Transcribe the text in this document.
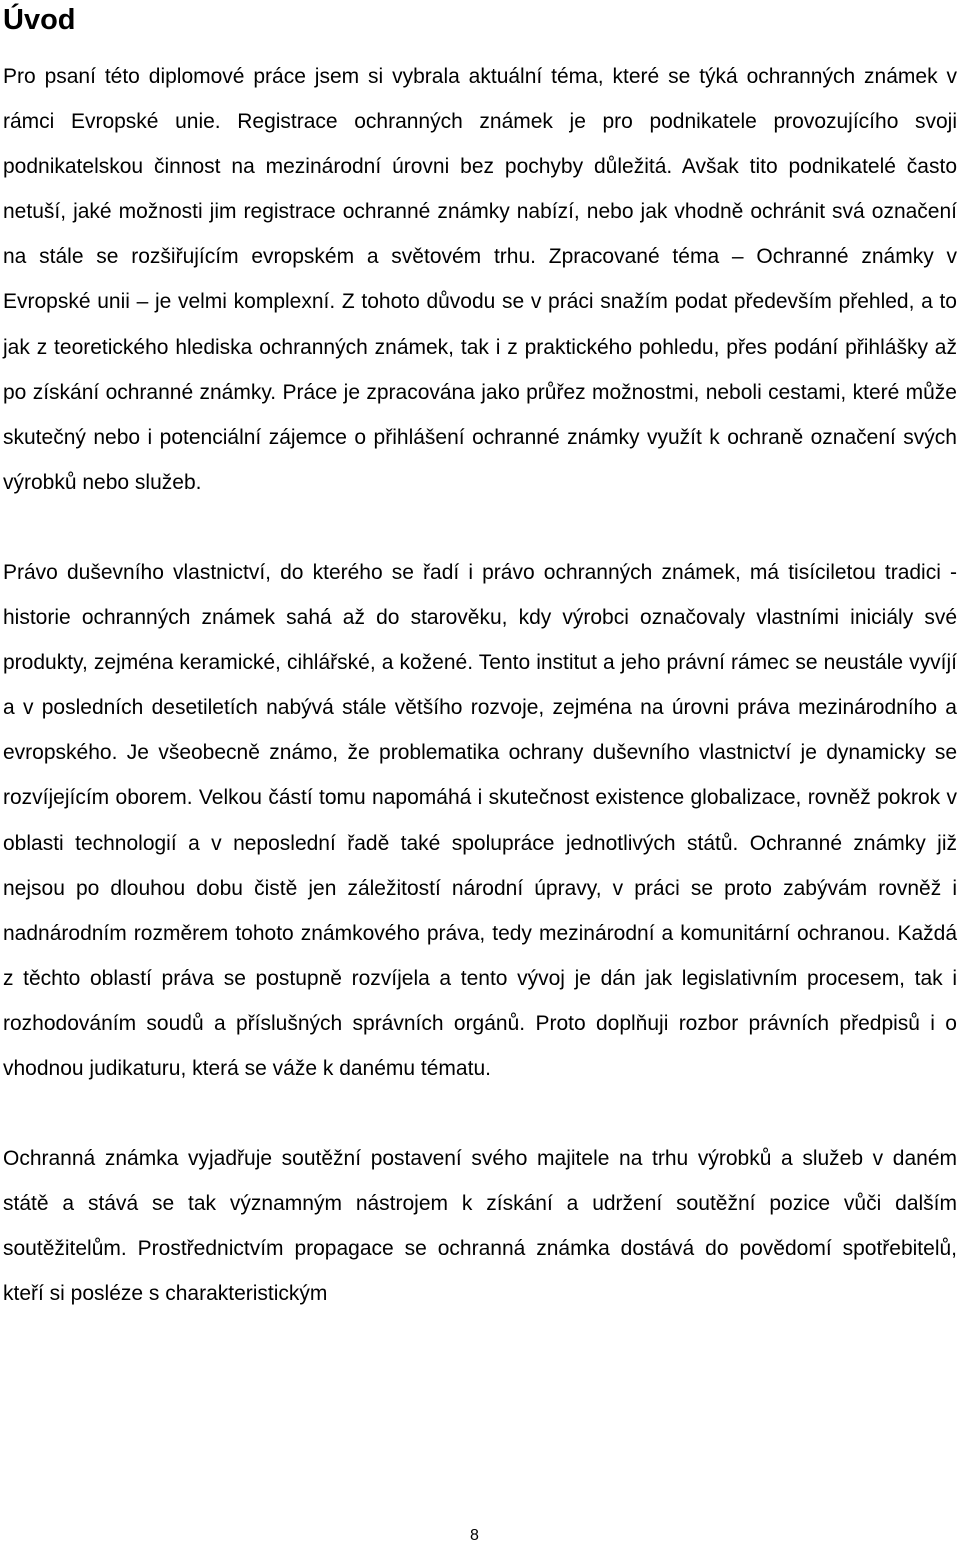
Úvod

Pro psaní této diplomové práce jsem si vybrala aktuální téma, které se týká ochranných známek v rámci Evropské unie. Registrace ochranných známek je pro podnikatele provozujícího svoji podnikatelskou činnost na mezinárodní úrovni bez pochyby důležitá. Avšak tito podnikatelé často netuší, jaké možnosti jim registrace ochranné známky nabízí, nebo jak vhodně ochránit svá označení na stále se rozšiřujícím evropském a světovém trhu. Zpracované téma – Ochranné známky v Evropské unii – je velmi komplexní. Z tohoto důvodu se v práci snažím podat především přehled, a to jak z teoretického hlediska ochranných známek, tak i z praktického pohledu, přes podání přihlášky až po získání ochranné známky. Práce je zpracována jako průřez možnostmi, neboli cestami, které může skutečný nebo i potenciální zájemce o přihlášení ochranné známky využít k ochraně označení svých výrobků nebo služeb.

Právo duševního vlastnictví, do kterého se řadí i právo ochranných známek, má tisíciletou tradici - historie ochranných známek sahá až do starověku, kdy výrobci označovaly vlastními iniciály své produkty, zejména keramické, cihlářské, a kožené. Tento institut a jeho právní rámec se neustále vyvíjí a v posledních desetiletích nabývá stále většího rozvoje, zejména na úrovni práva mezinárodního a evropského. Je všeobecně známo, že problematika ochrany duševního vlastnictví je dynamicky se rozvíjejícím oborem. Velkou částí tomu napomáhá i skutečnost existence globalizace, rovněž pokrok v oblasti technologií a v neposlední řadě také spolupráce jednotlivých států. Ochranné známky již nejsou po dlouhou dobu čistě jen záležitostí národní úpravy, v práci se proto zabývám rovněž i nadnárodním rozměrem tohoto známkového práva, tedy mezinárodní a komunitární ochranou. Každá z těchto oblastí práva se postupně rozvíjela a tento vývoj je dán jak legislativním procesem, tak i rozhodováním soudů a příslušných správních orgánů. Proto doplňuji rozbor právních předpisů i o vhodnou judikaturu, která se váže k danému tématu.

Ochranná známka vyjadřuje soutěžní postavení svého majitele na trhu výrobků a služeb v daném státě a stává se tak významným nástrojem k získání a udržení soutěžní pozice vůči dalším soutěžitelům. Prostřednictvím propagace se ochranná známka dostává do povědomí spotřebitelů, kteří si posléze s charakteristickým

8
